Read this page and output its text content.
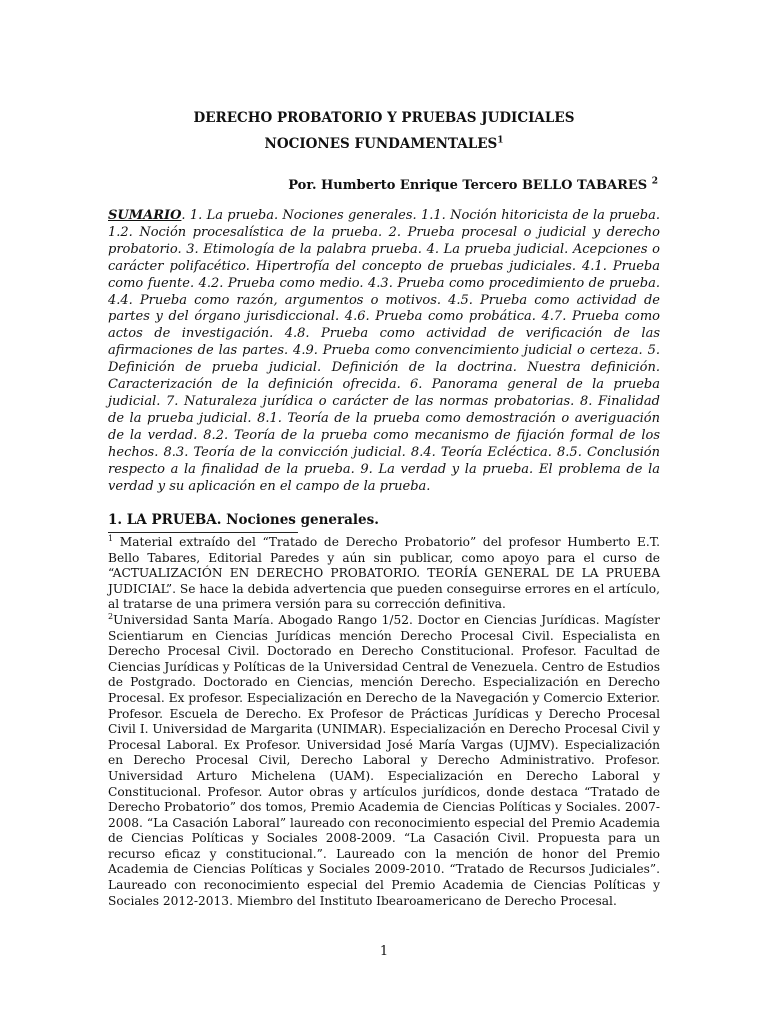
DERECHO PROBATORIO Y PRUEBAS JUDICIALES
NOCIONES FUNDAMENTALES$^1$
Por. Humberto Enrique Tercero BELLO TABARES $^2$

SUMARIO. 1. La prueba. Nociones generales. 1.1. Noción hitoricista de la prueba. 1.2. Noción procesalística de la prueba. 2. Prueba procesal o judicial y derecho probatorio. 3. Etimología de la palabra prueba. 4. La prueba judicial. Acepciones o carácter polifacético. Hipertrofía del concepto de pruebas judiciales. 4.1. Prueba como fuente. 4.2. Prueba como medio. 4.3. Prueba como procedimiento de prueba. 4.4. Prueba como razón, argumentos o motivos. 4.5. Prueba como actividad de partes y del órgano jurisdiccional. 4.6. Prueba como probática. 4.7. Prueba como actos de investigación. 4.8. Prueba como actividad de verificación de las afirmaciones de las partes. 4.9. Prueba como convencimiento judicial o certeza. 5. Definición de prueba judicial. Definición de la doctrina. Nuestra definición. Caracterización de la definición ofrecida. 6. Panorama general de la prueba judicial. 7. Naturaleza jurídica o carácter de las normas probatorias. 8. Finalidad de la prueba judicial. 8.1. Teoría de la prueba como demostración o averiguación de la verdad. 8.2. Teoría de la prueba como mecanismo de fijación formal de los hechos. 8.3. Teoría de la convicción judicial. 8.4. Teoría Ecléctica. 8.5. Conclusión respecto a la finalidad de la prueba. 9. La verdad y la prueba. El problema de la verdad y su aplicación en el campo de la prueba.

1. LA PRUEBA. Nociones generales.

$^1$ Material extraído del “Tratado de Derecho Probatorio” del profesor Humberto E.T. Bello Tabares, Editorial Paredes y aún sin publicar, como apoyo para el curso de “ACTUALIZACIÓN EN DERECHO PROBATORIO. TEORÍA GENERAL DE LA PRUEBA JUDICIAL”. Se hace la debida advertencia que pueden conseguirse errores en el artículo, al tratarse de una primera versión para su corrección definitiva.

$^2$Universidad Santa María. Abogado Rango 1/52. Doctor en Ciencias Jurídicas. Magíster Scientiarum en Ciencias Jurídicas mención Derecho Procesal Civil. Especialista en Derecho Procesal Civil. Doctorado en Derecho Constitucional. Profesor. Facultad de Ciencias Jurídicas y Políticas de la Universidad Central de Venezuela. Centro de Estudios de Postgrado. Doctorado en Ciencias, mención Derecho. Especialización en Derecho Procesal. Ex profesor. Especialización en Derecho de la Navegación y Comercio Exterior. Profesor. Escuela de Derecho. Ex Profesor de Prácticas Jurídicas y Derecho Procesal Civil I. Universidad de Margarita (UNIMAR). Especialización en Derecho Procesal Civil y Procesal Laboral. Ex Profesor. Universidad José María Vargas (UJMV). Especialización en Derecho Procesal Civil, Derecho Laboral y Derecho Administrativo. Profesor. Universidad Arturo Michelena (UAM). Especialización en Derecho Laboral y Constitucional. Profesor. Autor obras y artículos jurídicos, donde destaca “Tratado de Derecho Probatorio” dos tomos, Premio Academia de Ciencias Políticas y Sociales. 2007-2008. “La Casación Laboral” laureado con reconocimiento especial del Premio Academia de Ciencias Políticas y Sociales 2008-2009. “La Casación Civil. Propuesta para un recurso eficaz y constitucional.”. Laureado con la mención de honor del Premio Academia de Ciencias Políticas y Sociales 2009-2010. “Tratado de Recursos Judiciales”. Laureado con reconocimiento especial del Premio Academia de Ciencias Políticas y Sociales 2012-2013. Miembro del Instituto Ibearoamericano de Derecho Procesal.

1
